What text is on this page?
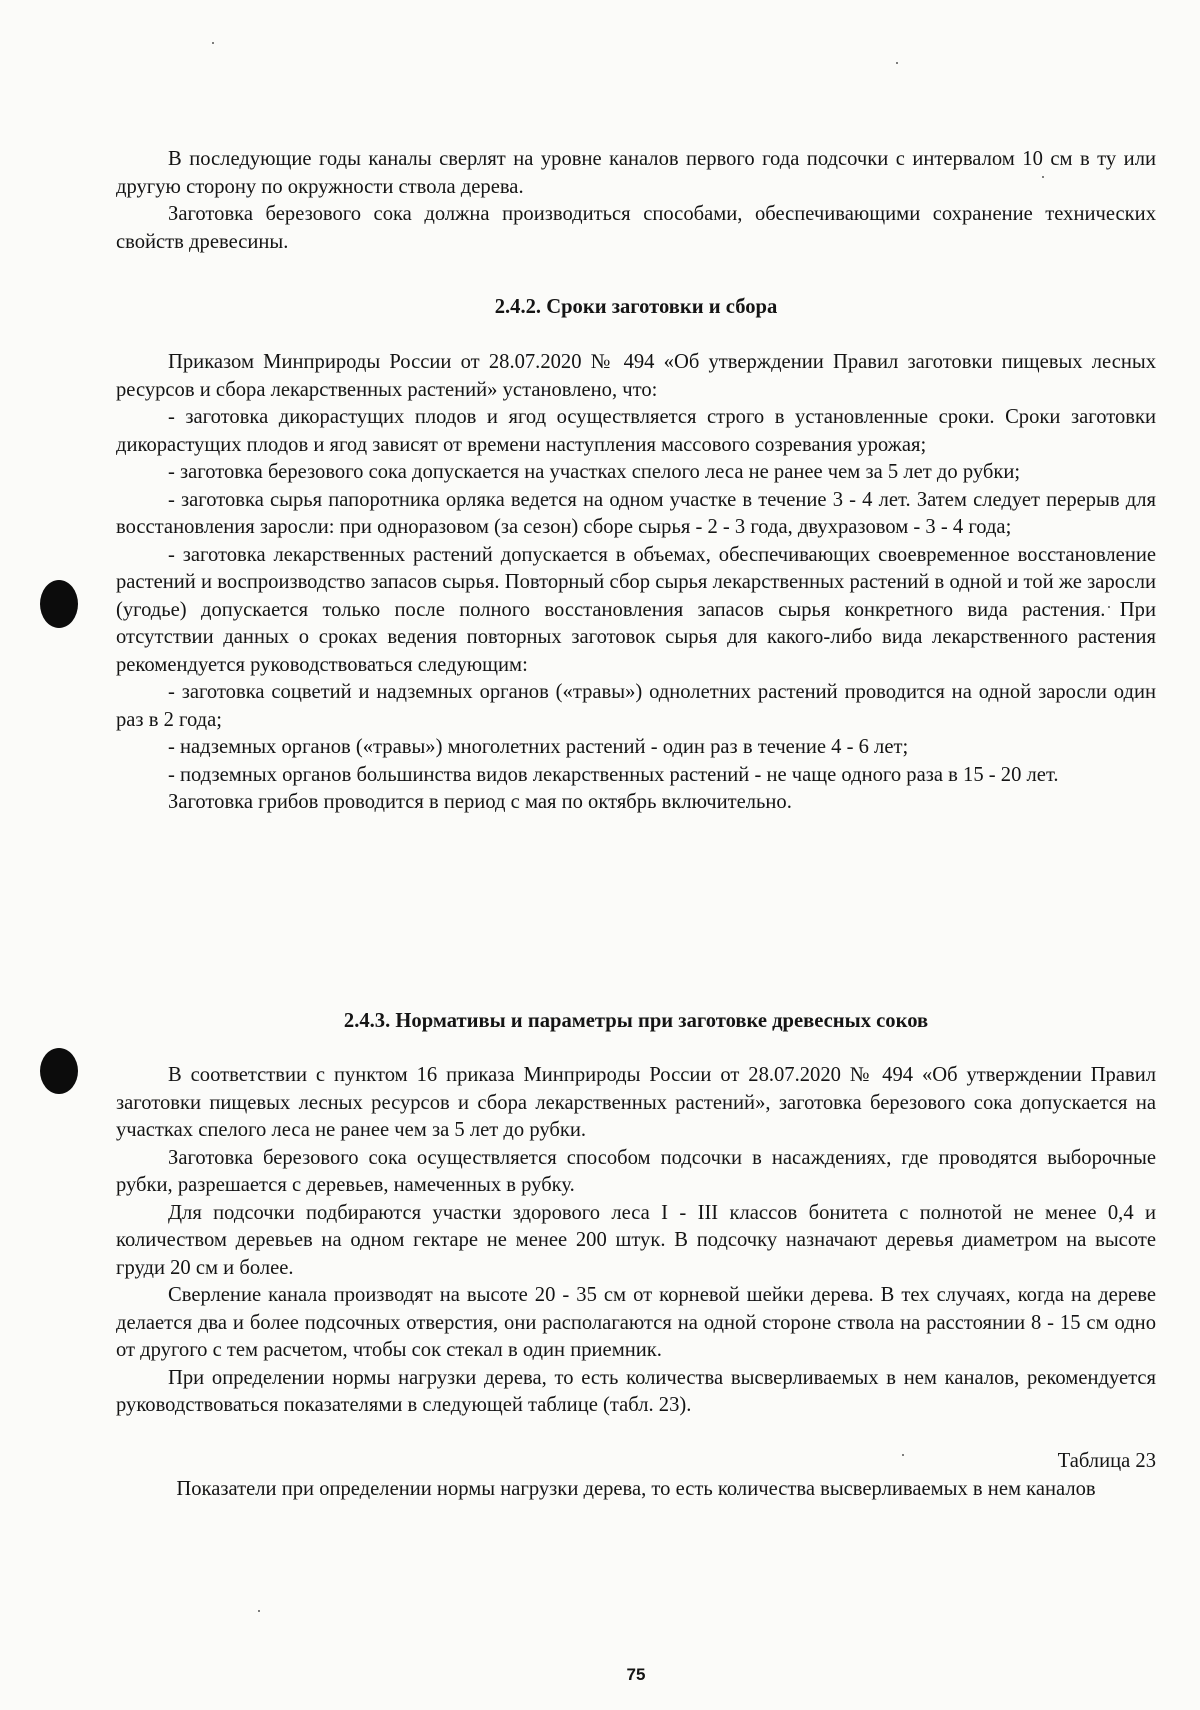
В последующие годы каналы сверлят на уровне каналов первого года подсочки с интервалом 10 см в ту или другую сторону по окружности ствола дерева.

Заготовка березового сока должна производиться способами, обеспечивающими сохранение технических свойств древесины.

2.4.2. Сроки заготовки и сбора

Приказом Минприроды России от 28.07.2020 № 494 «Об утверждении Правил заготовки пищевых лесных ресурсов и сбора лекарственных растений» установлено, что:

- заготовка дикорастущих плодов и ягод осуществляется строго в установленные сроки. Сроки заготовки дикорастущих плодов и ягод зависят от времени наступления массового созревания урожая;

- заготовка березового сока допускается на участках спелого леса не ранее чем за 5 лет до рубки;

- заготовка сырья папоротника орляка ведется на одном участке в течение 3 - 4 лет. Затем следует перерыв для восстановления заросли: при одноразовом (за сезон) сборе сырья - 2 - 3 года, двухразовом - 3 - 4 года;

- заготовка лекарственных растений допускается в объемах, обеспечивающих своевременное восстановление растений и воспроизводство запасов сырья. Повторный сбор сырья лекарственных растений в одной и той же заросли (угодье) допускается только после полного восстановления запасов сырья конкретного вида растения. При отсутствии данных о сроках ведения повторных заготовок сырья для какого-либо вида лекарственного растения рекомендуется руководствоваться следующим:

- заготовка соцветий и надземных органов («травы») однолетних растений проводится на одной заросли один раз в 2 года;

- надземных органов («травы») многолетних растений - один раз в течение 4 - 6 лет;

- подземных органов большинства видов лекарственных растений - не чаще одного раза в 15 - 20 лет.

Заготовка грибов проводится в период с мая по октябрь включительно.

2.4.3. Нормативы и параметры при заготовке древесных соков

В соответствии с пунктом 16 приказа Минприроды России от 28.07.2020 № 494 «Об утверждении Правил заготовки пищевых лесных ресурсов и сбора лекарственных растений», заготовка березового сока допускается на участках спелого леса не ранее чем за 5 лет до рубки.

Заготовка березового сока осуществляется способом подсочки в насаждениях, где проводятся выборочные рубки, разрешается с деревьев, намеченных в рубку.

Для подсочки подбираются участки здорового леса I - III классов бонитета с полнотой не менее 0,4 и количеством деревьев на одном гектаре не менее 200 штук. В подсочку назначают деревья диаметром на высоте груди 20 см и более.

Сверление канала производят на высоте 20 - 35 см от корневой шейки дерева. В тех случаях, когда на дереве делается два и более подсочных отверстия, они располагаются на одной стороне ствола на расстоянии 8 - 15 см одно от другого с тем расчетом, чтобы сок стекал в один приемник.

При определении нормы нагрузки дерева, то есть количества высверливаемых в нем каналов, рекомендуется руководствоваться показателями в следующей таблице (табл. 23).

Таблица 23

Показатели при определении нормы нагрузки дерева, то есть количества высверливаемых в нем каналов

75
